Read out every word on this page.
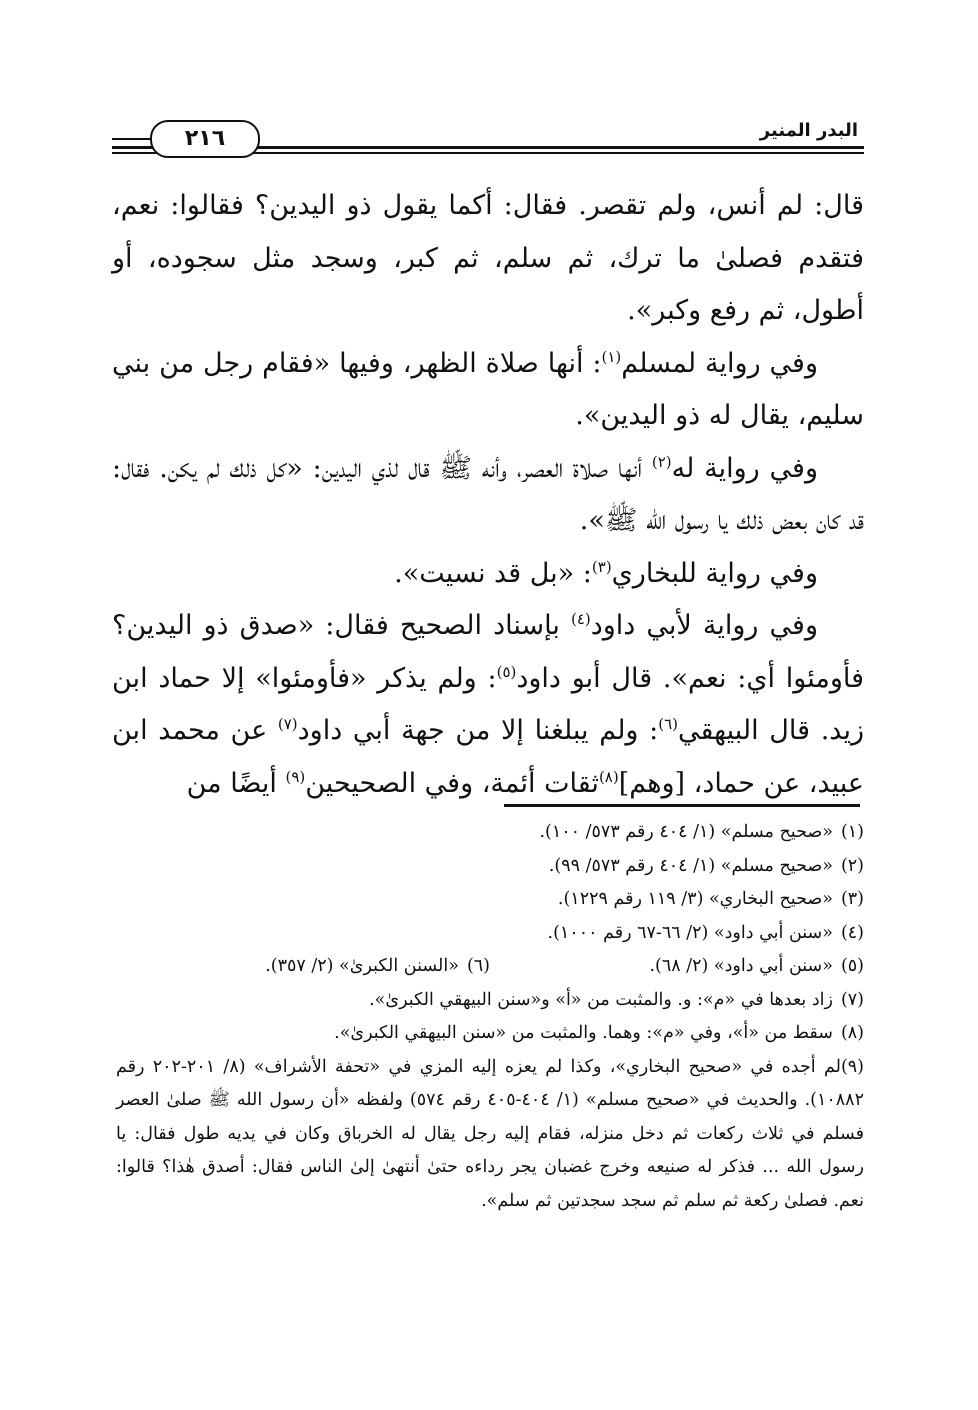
٢١٦	البدر المنير

قال: لم أنس، ولم تقصر. فقال: أكما يقول ذو اليدين؟ فقالوا: نعم، فتقدم فصلىٰ ما ترك، ثم سلم، ثم كبر، وسجد مثل سجوده، أو أطول، ثم رفع وكبر».

وفي رواية لمسلم$^{(١)}$: أنها صلاة الظهر، وفيها «فقام رجل من بني سليم، يقال له ذو اليدين».

وفي رواية له$^{(٢)}$ أنها صلاة العصر، وأنه ﷺ قال لذي اليدين: «كل ذلك لم يكن. فقال: قد كان بعض ذلك يا رسول الله ﷺ».

وفي رواية للبخاري$^{(٣)}$: «بل قد نسيت».

وفي رواية لأبي داود$^{(٤)}$ بإسناد الصحيح فقال: «صدق ذو اليدين؟ فأومئوا أي: نعم». قال أبو داود$^{(٥)}$: ولم يذكر «فأومئوا» إلا حماد ابن زيد. قال البيهقي$^{(٦)}$: ولم يبلغنا إلا من جهة أبي داود$^{(٧)}$ عن محمد ابن عبيد، عن حماد، [وهم]$^{(٨)}$ثقات أئمة، وفي الصحيحين$^{(٩)}$ أيضًا من

(١)«صحيح مسلم» (١/ ٤٠٤ رقم ٥٧٣/ ١٠٠).

(٢)«صحيح مسلم» (١/ ٤٠٤ رقم ٥٧٣/ ٩٩).

(٣)«صحيح البخاري» (٣/ ١١٩ رقم ١٢٢٩).

(٤)«سنن أبي داود» (٢/ ٦٦-٦٧ رقم ١٠٠٠).

(٥)«سنن أبي داود» (٢/ ٦٨).

(٦)«السنن الكبرىٰ» (٢/ ٣٥٧).

(٧)زاد بعدها في «م»: و. والمثبت من «أ» و«سنن البيهقي الكبرىٰ».

(٨)سقط من «أ»، وفي «م»: وهما. والمثبت من «سنن البيهقي الكبرىٰ».

(٩)لم أجده في «صحيح البخاري»، وكذا لم يعزه إليه المزي في «تحفة الأشراف» (٨/ ٢٠١-٢٠٢ رقم ١٠٨٨٢). والحديث في «صحيح مسلم» (١/ ٤٠٤-٤٠٥ رقم ٥٧٤) ولفظه «أن رسول الله ﷺ صلىٰ العصر فسلم في ثلاث ركعات ثم دخل منزله، فقام إليه رجل يقال له الخرباق وكان في يديه طول فقال: يا رسول الله ... فذكر له صنيعه وخرج غضبان يجر رداءه حتىٰ أنتهىٰ إلىٰ الناس فقال: أصدق هٰذا؟ قالوا: نعم. فصلىٰ ركعة ثم سلم ثم سجد سجدتين ثم سلم».
